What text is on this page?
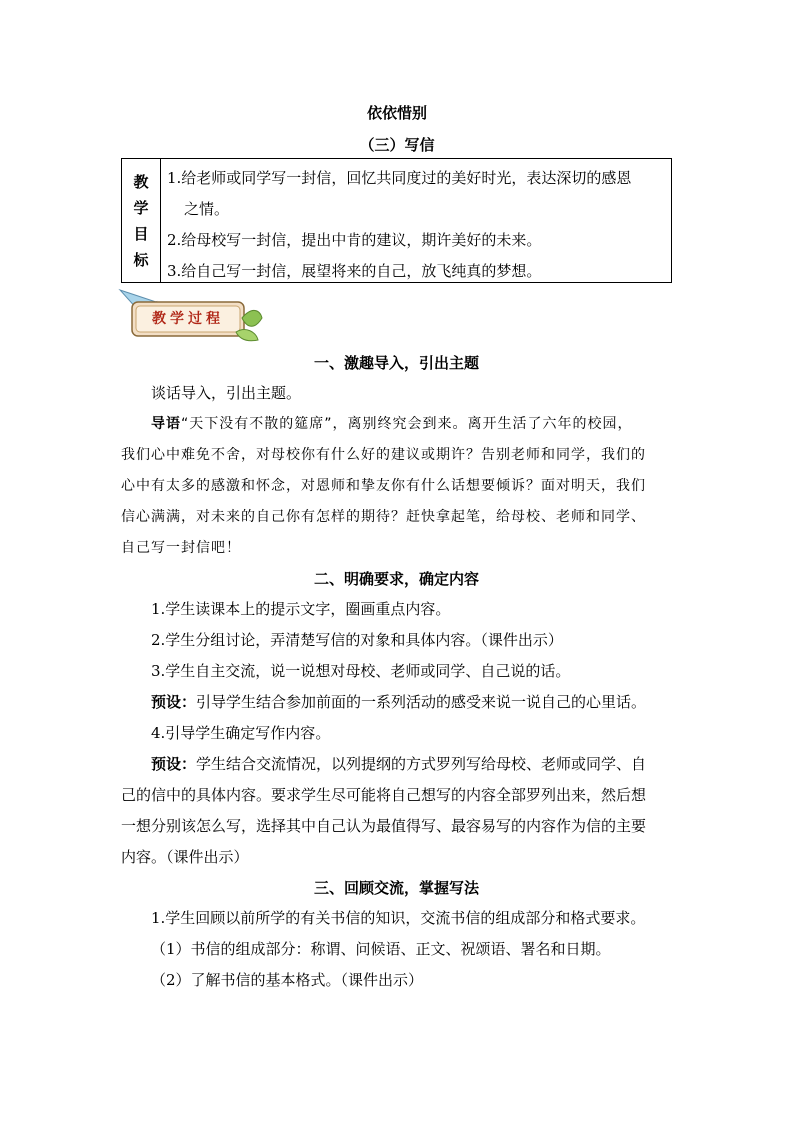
依依惜别
（三）写信
教
学
目
标
1.给老师或同学写一封信，回忆共同度过的美好时光，表达深切的感恩
之情。
2.给母校写一封信，提出中肯的建议，期许美好的未来。
3.给自己写一封信，展望将来的自己，放飞纯真的梦想。
教学过程

一、激趣导入，引出主题

谈话导入，引出主题。

导语“天下没有不散的筵席”，离别终究会到来。离开生活了六年的校园，

我们心中难免不舍，对母校你有什么好的建议或期许？告别老师和同学，我们的

心中有太多的感激和怀念，对恩师和挚友你有什么话想要倾诉？面对明天，我们

信心满满，对未来的自己你有怎样的期待？赶快拿起笔，给母校、老师和同学、

自己写一封信吧！

二、明确要求，确定内容

1.学生读课本上的提示文字，圈画重点内容。

2.学生分组讨论，弄清楚写信的对象和具体内容。（课件出示）

3.学生自主交流，说一说想对母校、老师或同学、自己说的话。

预设：引导学生结合参加前面的一系列活动的感受来说一说自己的心里话。

4.引导学生确定写作内容。

预设：学生结合交流情况，以列提纲的方式罗列写给母校、老师或同学、自

己的信中的具体内容。要求学生尽可能将自己想写的内容全部罗列出来，然后想

一想分别该怎么写，选择其中自己认为最值得写、最容易写的内容作为信的主要

内容。（课件出示）

三、回顾交流，掌握写法

1.学生回顾以前所学的有关书信的知识，交流书信的组成部分和格式要求。

（1）书信的组成部分：称谓、问候语、正文、祝颂语、署名和日期。

（2）了解书信的基本格式。（课件出示）
